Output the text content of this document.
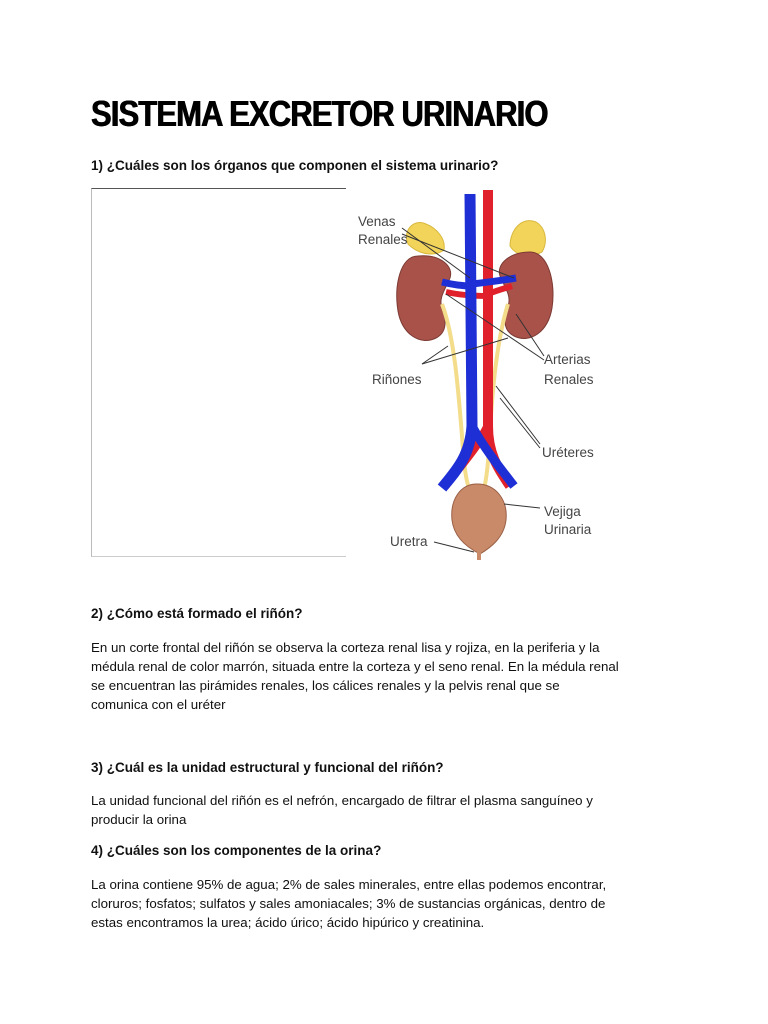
SISTEMA EXCRETOR URINARIO
1) ¿Cuáles son los órganos que componen el sistema urinario?
Venas
Renales
Riñones
Arterias
Renales
Uréteres
Vejiga
Urinaria
Uretra
2) ¿Cómo está formado el riñón?
En un corte frontal del riñón se observa la corteza renal lisa y rojiza, en la periferia y la
médula renal de color marrón, situada entre la corteza y el seno renal. En la médula renal
se encuentran las pirámides renales, los cálices renales y la pelvis renal que se
comunica con el uréter
3) ¿Cuál es la unidad estructural y funcional del riñón?
La unidad funcional del riñón es el nefrón, encargado de filtrar el plasma sanguíneo y
producir la orina
4) ¿Cuáles son los componentes de la orina?
La orina contiene 95% de agua; 2% de sales minerales, entre ellas podemos encontrar,
cloruros; fosfatos; sulfatos y sales amoniacales; 3% de sustancias orgánicas, dentro de
estas encontramos la urea; ácido úrico; ácido hipúrico y creatinina.
